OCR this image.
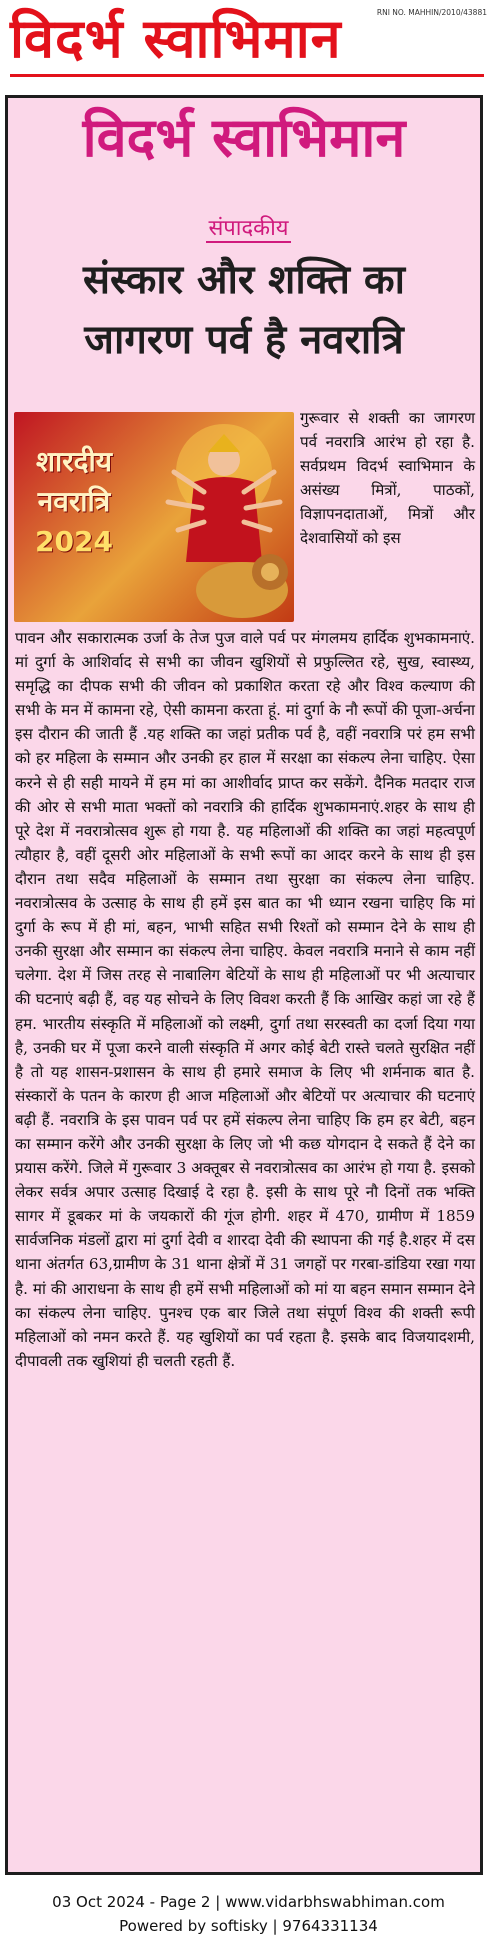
विदर्भ स्वाभिमान	RNI NO. MAHHIN/2010/43881
विदर्भ स्वाभिमान
संपादकीय
संस्कार और शक्ति का जागरण पर्व है नवरात्रि
शारदीय नवरात्रि
2024
गुरूवार से शक्ती का जागरण पर्व नवरात्रि आरंभ हो रहा है. सर्वप्रथम विदर्भ स्वाभिमान के असंख्य मित्रों, पाठकों, विज्ञापनदाताओं, मित्रों और देशवासियों को इस
पावन और सकारात्मक उर्जा के तेज पुज वाले पर्व पर मंगलमय हार्दिक शुभकामनाएं. मां दुर्गा के आशिर्वाद से सभी का जीवन खुशियों से प्रफुल्लित रहे, सुख, स्वास्थ्य, समृद्धि का दीपक सभी की जीवन को प्रकाशित करता रहे और विश्व कल्याण की सभी के मन में कामना रहे, ऐसी कामना करता हूं. मां दुर्गा के नौ रूपों की पूजा-अर्चना इस दौरान की जाती हैं .यह शक्ति का जहां प्रतीक पर्व है, वहीं नवरात्रि परं हम सभी को हर महिला के सम्मान और उनकी हर हाल में सरक्षा का संकल्प लेना चाहिए. ऐसा करने से ही सही मायने में हम मां का आशीर्वाद प्राप्त कर सकेंगे. दैनिक मतदार राज की ओर से सभी माता भक्तों को नवरात्रि की हार्दिक शुभकामनाएं.शहर के साथ ही पूरे देश में नवरात्रोत्सव शुरू हो गया है. यह महिलाओं की शक्ति का जहां महत्वपूर्ण त्यौहार है, वहीं दूसरी ओर महिलाओं के सभी रूपों का आदर करने के साथ ही इस दौरान तथा सदैव महिलाओं के सम्मान तथा सुरक्षा का संकल्प लेना चाहिए. नवरात्रोत्सव के उत्साह के साथ ही हमें इस बात का भी ध्यान रखना चाहिए कि मां दुर्गा के रूप में ही मां, बहन, भाभी सहित सभी रिश्तों को सम्मान देने के साथ ही उनकी सुरक्षा और सम्मान का संकल्प लेना चाहिए. केवल नवरात्रि मनाने से काम नहीं चलेगा. देश में जिस तरह से नाबालिग बेटियों के साथ ही महिलाओं पर भी अत्याचार की घटनाएं बढ़ी हैं, वह यह सोचने के लिए विवश करती हैं कि आखिर कहां जा रहे हैं हम. भारतीय संस्कृति में महिलाओं को लक्ष्मी, दुर्गा तथा सरस्वती का दर्जा दिया गया है, उनकी घर में पूजा करने वाली संस्कृति में अगर कोई बेटी रास्ते चलते सुरक्षित नहीं है तो यह शासन-प्रशासन के साथ ही हमारे समाज के लिए भी शर्मनाक बात है. संस्कारों के पतन के कारण ही आज महिलाओं और बेटियों पर अत्याचार की घटनाएं बढ़ी हैं. नवरात्रि के इस पावन पर्व पर हमें संकल्प लेना चाहिए कि हम हर बेटी, बहन का सम्मान करेंगे और उनकी सुरक्षा के लिए जो भी कछ योगदान दे सकते हैं देने का प्रयास करेंगे. जिले में गुरूवार 3 अक्तूबर से नवरात्रोत्सव का आरंभ हो गया है. इसको लेकर सर्वत्र अपार उत्साह दिखाई दे रहा है. इसी के साथ पूरे नौ दिनों तक भक्ति सागर में डूबकर मां के जयकारों की गूंज होगी. शहर में 470, ग्रामीण में 1859 सार्वजनिक मंडलों द्वारा मां दुर्गा देवी व शारदा देवी की स्थापना की गई है.शहर में दस थाना अंतर्गत 63,ग्रामीण के 31 थाना क्षेत्रों में 31 जगहों पर गरबा-डांडिया रखा गया है. मां की आराधना के साथ ही हमें सभी महिलाओं को मां या बहन समान सम्मान देने का संकल्प लेना चाहिए. पुनश्च एक बार जिले तथा संपूर्ण विश्व की शक्ती रूपी महिलाओं को नमन करते हैं. यह खुशियों का पर्व रहता है. इसके बाद विजयादशमी, दीपावली तक खुशियां ही चलती रहती हैं.
03 Oct 2024 - Page 2 | www.vidarbhswabhiman.com
Powered by softisky | 9764331134
